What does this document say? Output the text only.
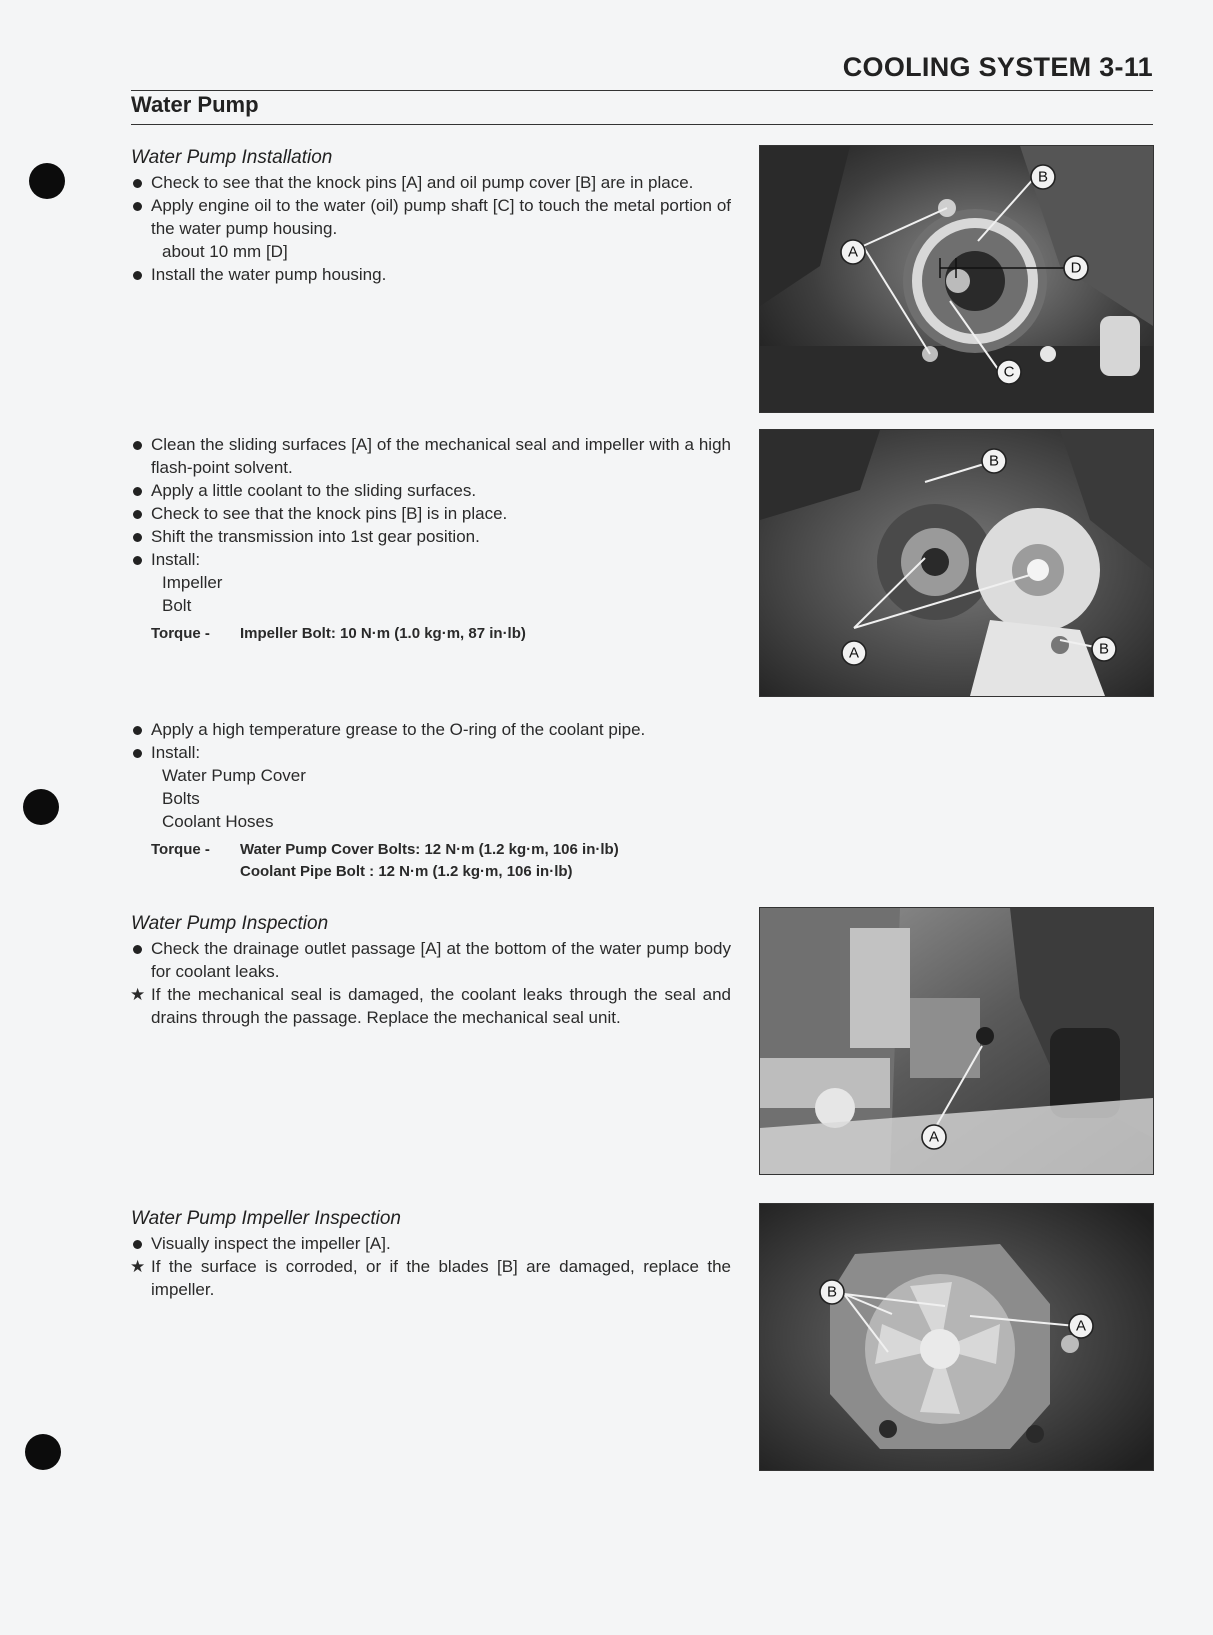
COOLING SYSTEM 3-11
Water Pump
Water Pump Installation
Check to see that the knock pins [A] and oil pump cover [B] are in place.
Apply engine oil to the water (oil) pump shaft [C] to touch the metal portion of the water pump housing.
about 10 mm [D]
Install the water pump housing.
Clean the sliding surfaces [A] of the mechanical seal and impeller with a high flash-point solvent.
Apply a little coolant to the sliding surfaces.
Check to see that the knock pins [B] is in place.
Shift the transmission into 1st gear position.
Install:
Impeller
Bolt
Torque - Impeller Bolt: 10 N·m (1.0 kg·m, 87 in·lb)
Apply a high temperature grease to the O-ring of the coolant pipe.
Install:
Water Pump Cover
Bolts
Coolant Hoses
Torque - Water Pump Cover Bolts: 12 N·m (1.2 kg·m, 106 in·lb)
Coolant Pipe Bolt : 12 N·m (1.2 kg·m, 106 in·lb)
Water Pump Inspection
Check the drainage outlet passage [A] at the bottom of the water pump body for coolant leaks.
★ If the mechanical seal is damaged, the coolant leaks through the seal and drains through the passage. Replace the mechanical seal unit.
Water Pump Impeller Inspection
Visually inspect the impeller [A].
★ If the surface is corroded, or if the blades [B] are damaged, replace the impeller.
A
B
C
D
A
B
B
A
A
B
